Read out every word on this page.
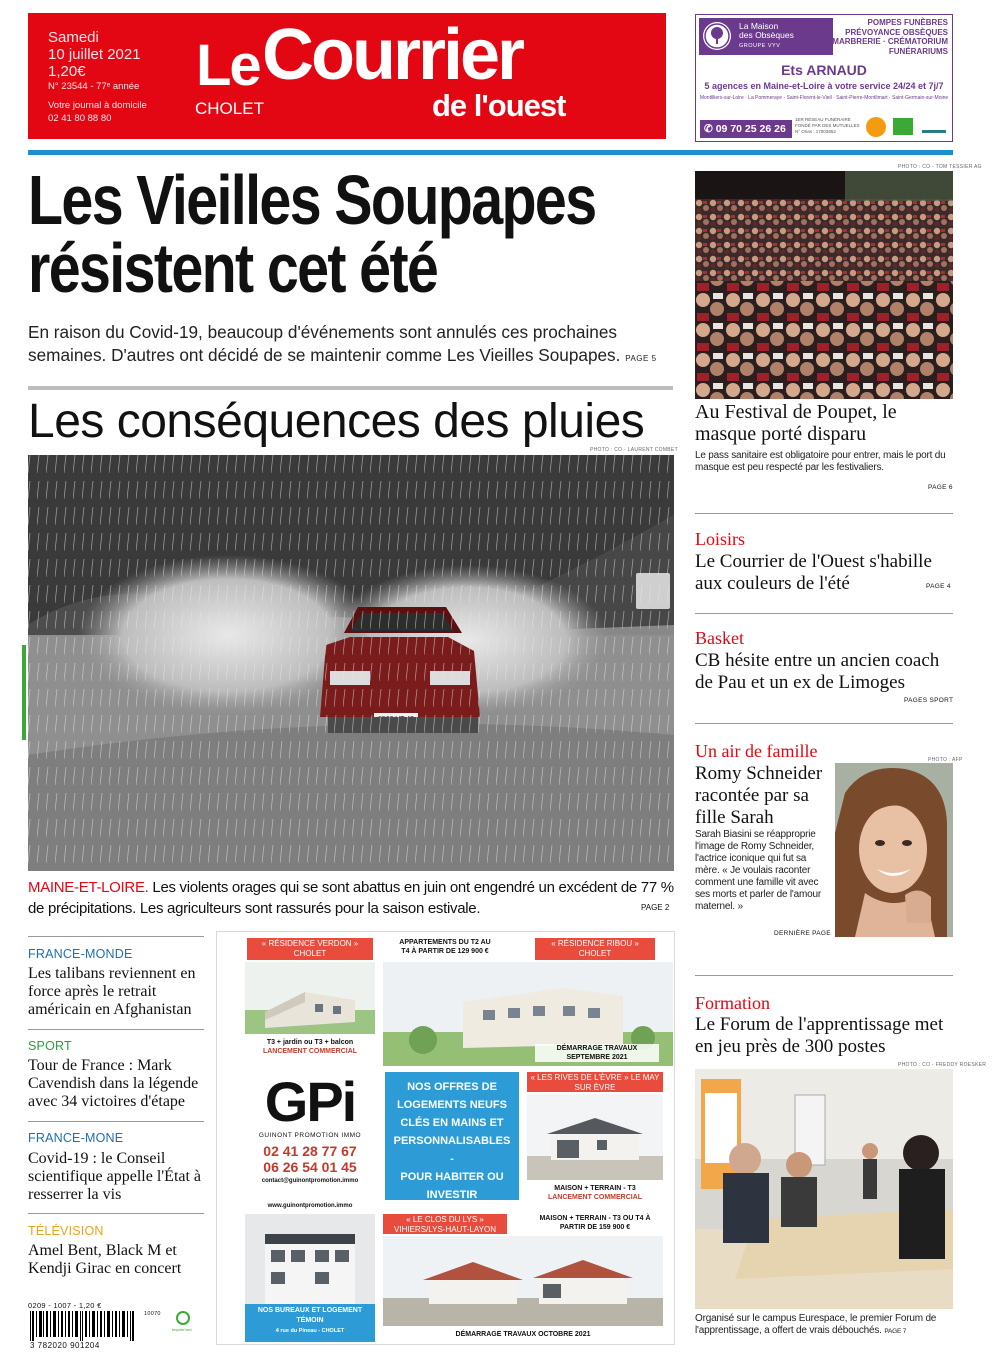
Samedi
10 juillet 2021
1,20€
N° 23544 - 77ᵉ année
Votre journal à domicile
02 41 80 88 80
Le Courrier
de l'ouest
CHOLET
La Maison
des Obsèques
GROUPE VYV
POMPES FUNÈBRES
PRÉVOYANCE OBSÈQUES
MARBRERIE · CRÉMATORIUM
FUNÉRARIUMS
Ets ARNAUD
5 agences en Maine-et-Loire à votre service 24/24 et 7j/7
Montilliers-sur-Loire · La Pommeraye · Saint-Florent-le-Vieil · Saint-Pierre-Montlimart · Saint-Germain-sur-Moine
✆ 09 70 25 26 26
1ER RÉSEAU FUNÉRAIRE
FONDÉ PAR DES MUTUELLES
N° Orias : 17003852
Les Vieilles Soupapes
résistent cet été
En raison du Covid-19, beaucoup d'événements sont annulés ces prochaines semaines. D'autres ont décidé de se maintenir comme Les Vieilles Soupapes. PAGE 5
Les conséquences des pluies
PHOTO : CO - LAURENT COMBET
MAINE-ET-LOIRE. Les violents orages qui se sont abattus en juin ont engendré un excédent de 77 % de précipitations. Les agriculteurs sont rassurés pour la saison estivale.	PAGE 2
FRANCE-MONDE
Les talibans reviennent en force après le retrait américain en Afghanistan
SPORT
Tour de France : Mark Cavendish dans la légende avec 34 victoires d'étape
FRANCE-MONE
Covid-19 : le Conseil scientifique appelle l'État à resserrer la vis
TÉLÉVISION
Amel Bent, Black M et Kendji Girac en concert
0209 - 1007 - 1,20 €
3 782020 901204
10070
Imprim'vert
« RÉSIDENCE VERDON » CHOLET
T3 + jardin ou T3 + balcon
LANCEMENT COMMERCIAL
APPARTEMENTS DU T2 AU T4 À PARTIR DE 129 900 €
« RÉSIDENCE RIBOU » CHOLET
DÉMARRAGE TRAVAUX SEPTEMBRE 2021
GPi
GUINONT PROMOTION IMMO
02 41 28 77 67
06 26 54 01 45
contact@guinontpromotion.immo
www.guinontpromotion.immo
NOS OFFRES DE LOGEMENTS NEUFS CLÉS EN MAINS ET PERSONNALISABLES
-
POUR HABITER OU INVESTIR
« LES RIVES DE L'ÈVRE » LE MAY SUR ÈVRE
MAISON + TERRAIN - T3
LANCEMENT COMMERCIAL
NOS BUREAUX ET LOGEMENT TÉMOIN
4 rue du Pineau - CHOLET
« LE CLOS DU LYS » VIHIERS/LYS-HAUT-LAYON
MAISON + TERRAIN - T3 OU T4 À PARTIR DE 159 900 €
DÉMARRAGE TRAVAUX OCTOBRE 2021
PHOTO : CO - TOM TESSIER AG
Au Festival de Poupet, le masque porté disparu
Le pass sanitaire est obligatoire pour entrer, mais le port du masque est peu respecté par les festivaliers.
PAGE 6
Loisirs
Le Courrier de l'Ouest s'habille aux couleurs de l'été	PAGE 4
Basket
CB hésite entre un ancien coach de Pau et un ex de Limoges
PAGES SPORT
Un air de famille	PHOTO : AFP
Romy Schneider racontée par sa fille Sarah
Sarah Biasini se réapproprie l'image de Romy Schneider, l'actrice iconique qui fut sa mère. « Je voulais raconter comment une famille vit avec ses morts et parler de l'amour maternel. »
DERNIÈRE PAGE
Formation
Le Forum de l'apprentissage met en jeu près de 300 postes
PHOTO : CO - FREDDY ROESKER
Organisé sur le campus Eurespace, le premier Forum de l'apprentissage, a offert de vrais débouchés. PAGE 7
